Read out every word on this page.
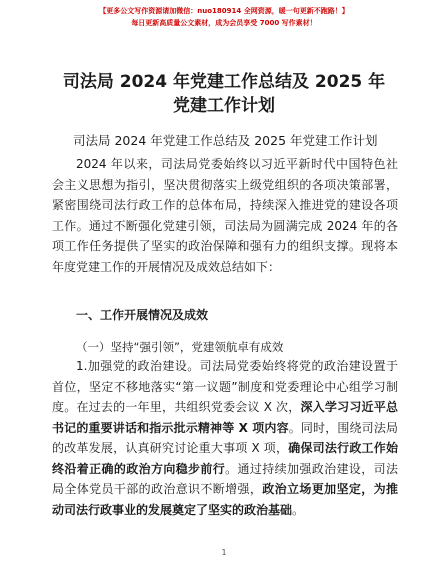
【更多公文写作资源请加微信：nuo180914 全网资源，暖一句更新不跑路！】
每日更新高质量公文素材，成为会员享受 7000 写作素材！
司法局 2024 年党建工作总结及 2025 年党建工作计划
司法局 2024 年党建工作总结及 2025 年党建工作计划

2024 年以来，司法局党委始终以习近平新时代中国特色社会主义思想为指引，坚决贯彻落实上级党组织的各项决策部署，紧密围绕司法行政工作的总体布局，持续深入推进党的建设各项工作。通过不断强化党建引领，司法局为圆满完成 2024 年的各项工作任务提供了坚实的政治保障和强有力的组织支撑。现将本年度党建工作的开展情况及成效总结如下：

一、工作开展情况及成效
（一）坚持“强引领”，党建领航卓有成效

1.加强党的政治建设。司法局党委始终将党的政治建设置于首位，坚定不移地落实“第一议题”制度和党委理论中心组学习制度。在过去的一年里，共组织党委会议 X 次，深入学习习近平总书记的重要讲话和指示批示精神等 X 项内容。同时，围绕司法局的改革发展，认真研究讨论重大事项 X 项，确保司法行政工作始终沿着正确的政治方向稳步前行。通过持续加强政治建设，司法局全体党员干部的政治意识不断增强，政治立场更加坚定，为推动司法行政事业的发展奠定了坚实的政治基础。

1
